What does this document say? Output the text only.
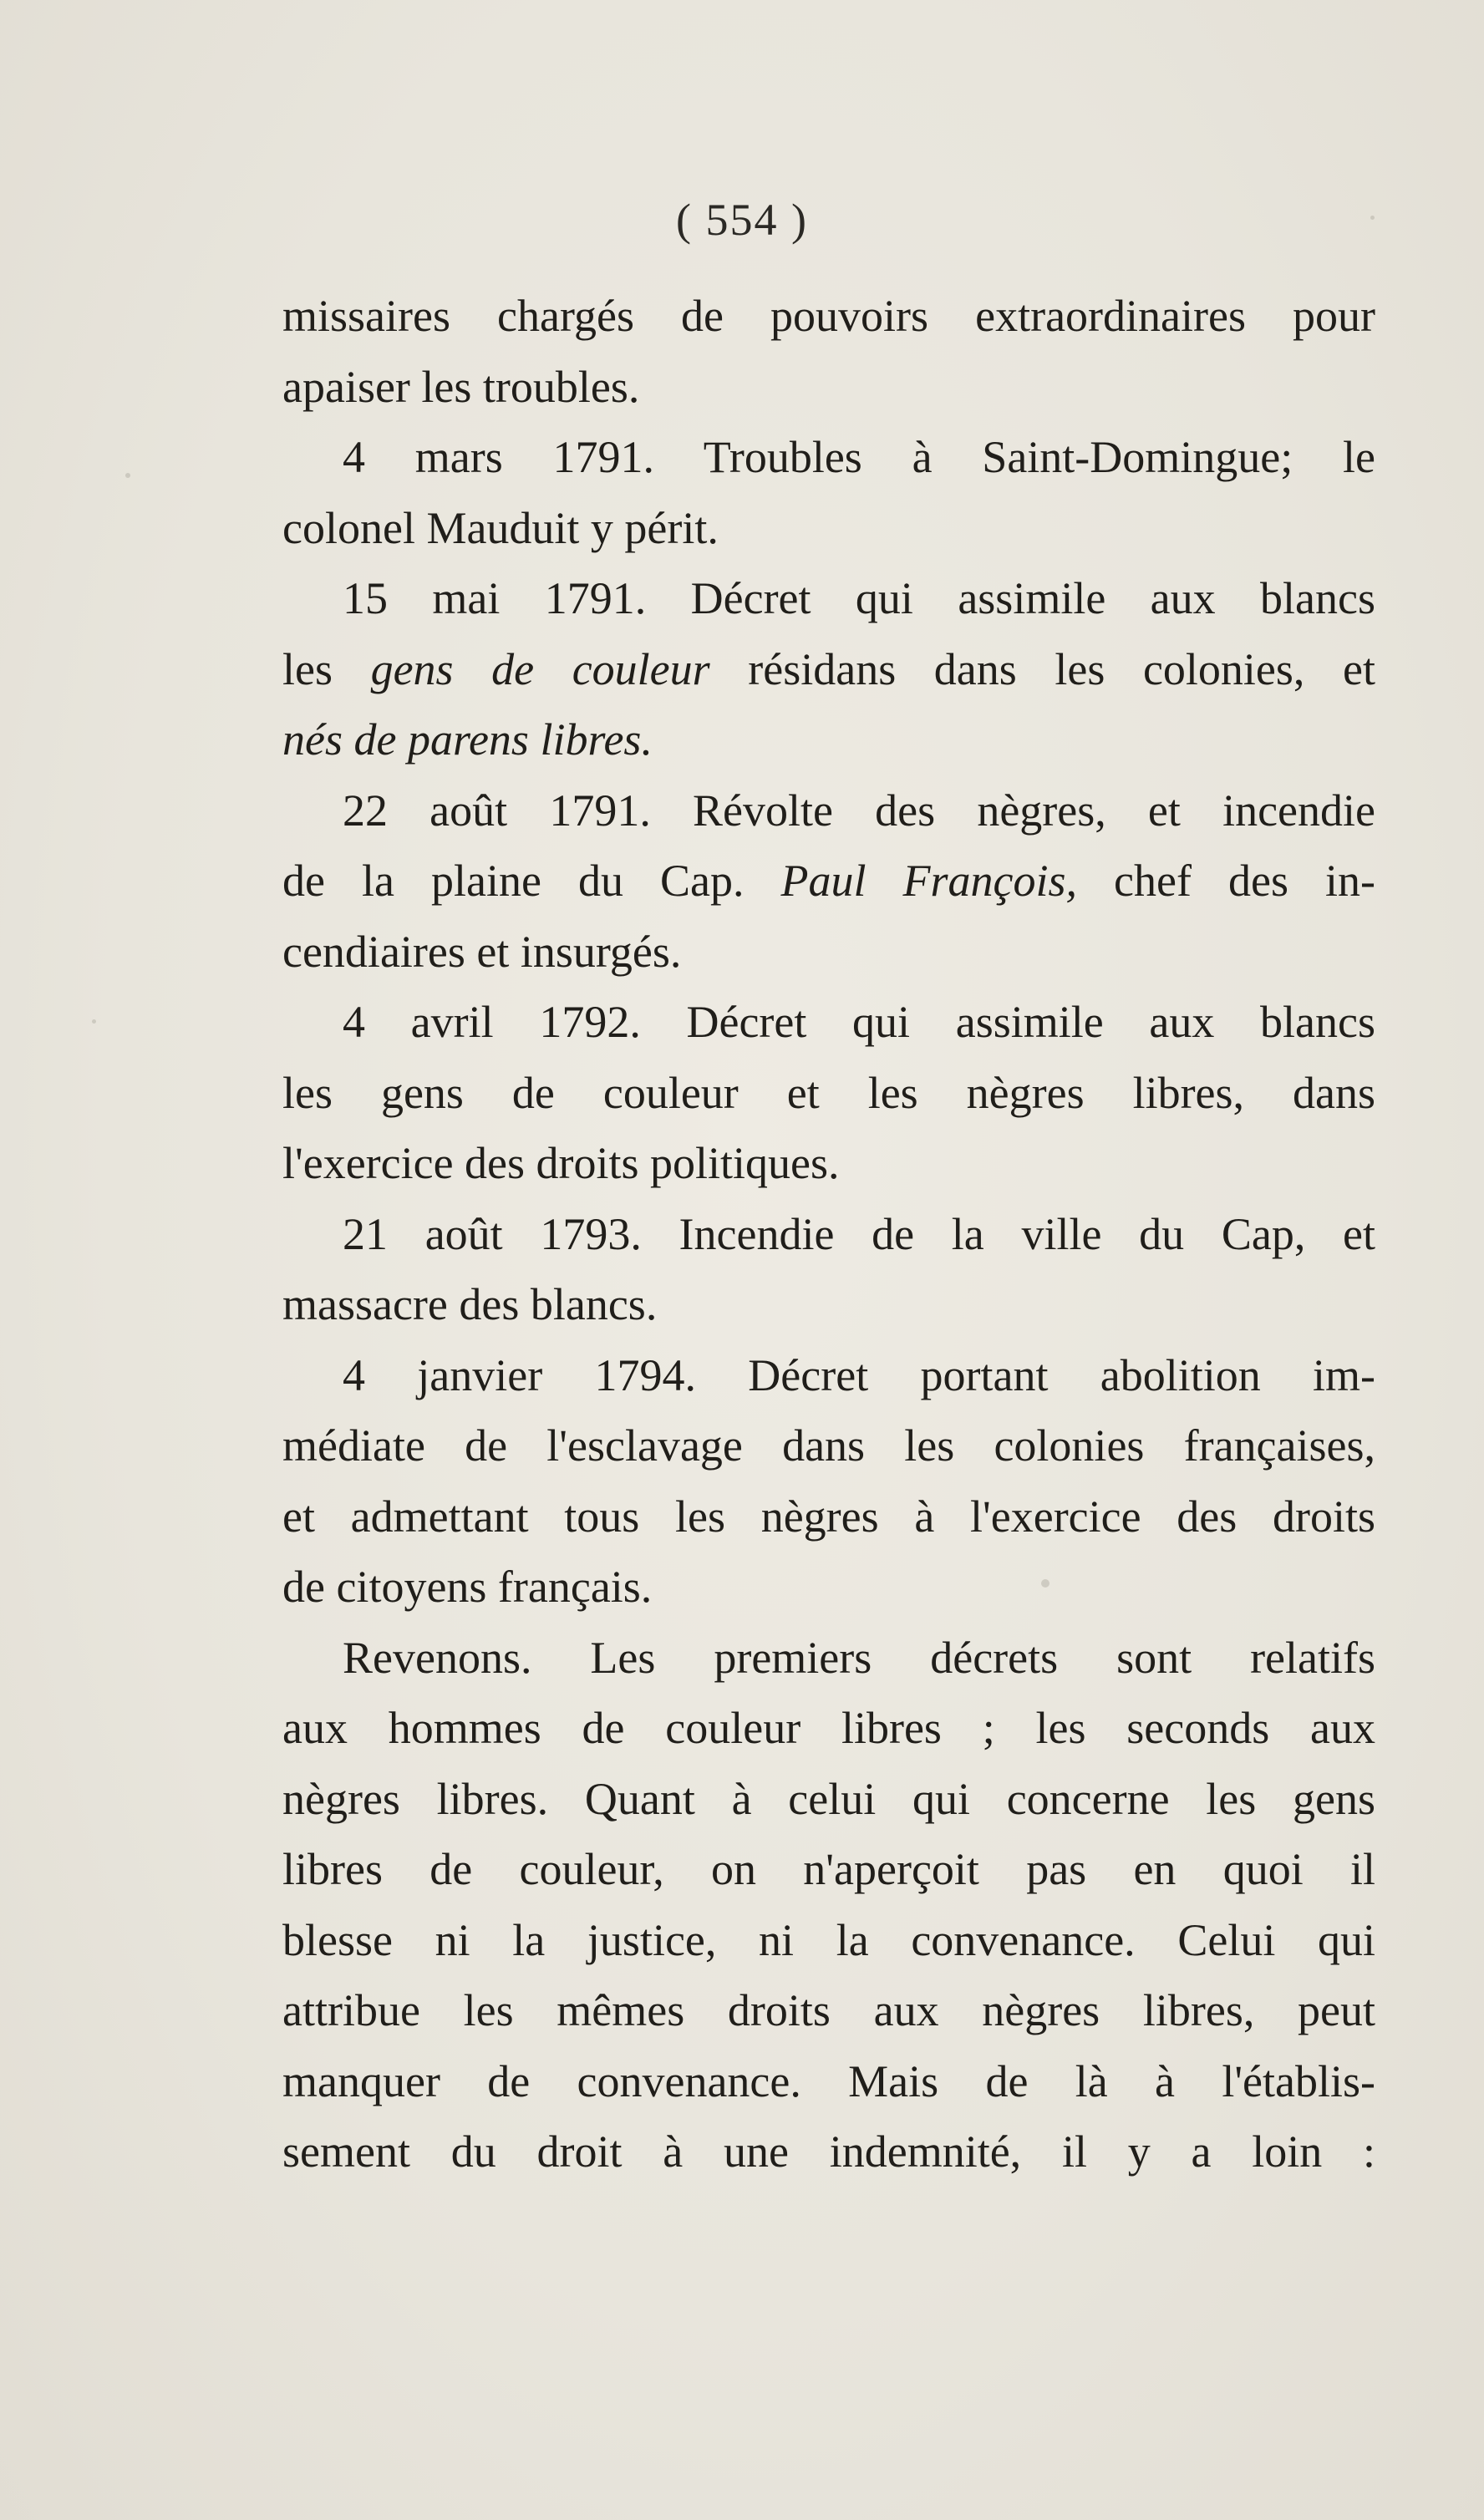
( 554 )
missaires chargés de pouvoirs extraordinaires pour
apaiser les troubles.
4 mars 1791. Troubles à Saint-Domingue; le
colonel Mauduit y périt.
15 mai 1791. Décret qui assimile aux blancs
les gens de couleur résidans dans les colonies, et
nés de parens libres.
22 août 1791. Révolte des nègres, et incendie
de la plaine du Cap. Paul François, chef des in-
cendiaires et insurgés.
4 avril 1792. Décret qui assimile aux blancs
les gens de couleur et les nègres libres, dans
l'exercice des droits politiques.
21 août 1793. Incendie de la ville du Cap, et
massacre des blancs.
4 janvier 1794. Décret portant abolition im-
médiate de l'esclavage dans les colonies françaises,
et admettant tous les nègres à l'exercice des droits
de citoyens français.
Revenons. Les premiers décrets sont relatifs
aux hommes de couleur libres ; les seconds aux
nègres libres. Quant à celui qui concerne les gens
libres de couleur, on n'aperçoit pas en quoi il
blesse ni la justice, ni la convenance. Celui qui
attribue les mêmes droits aux nègres libres, peut
manquer de convenance. Mais de là à l'établis-
sement du droit à une indemnité, il y a loin :
